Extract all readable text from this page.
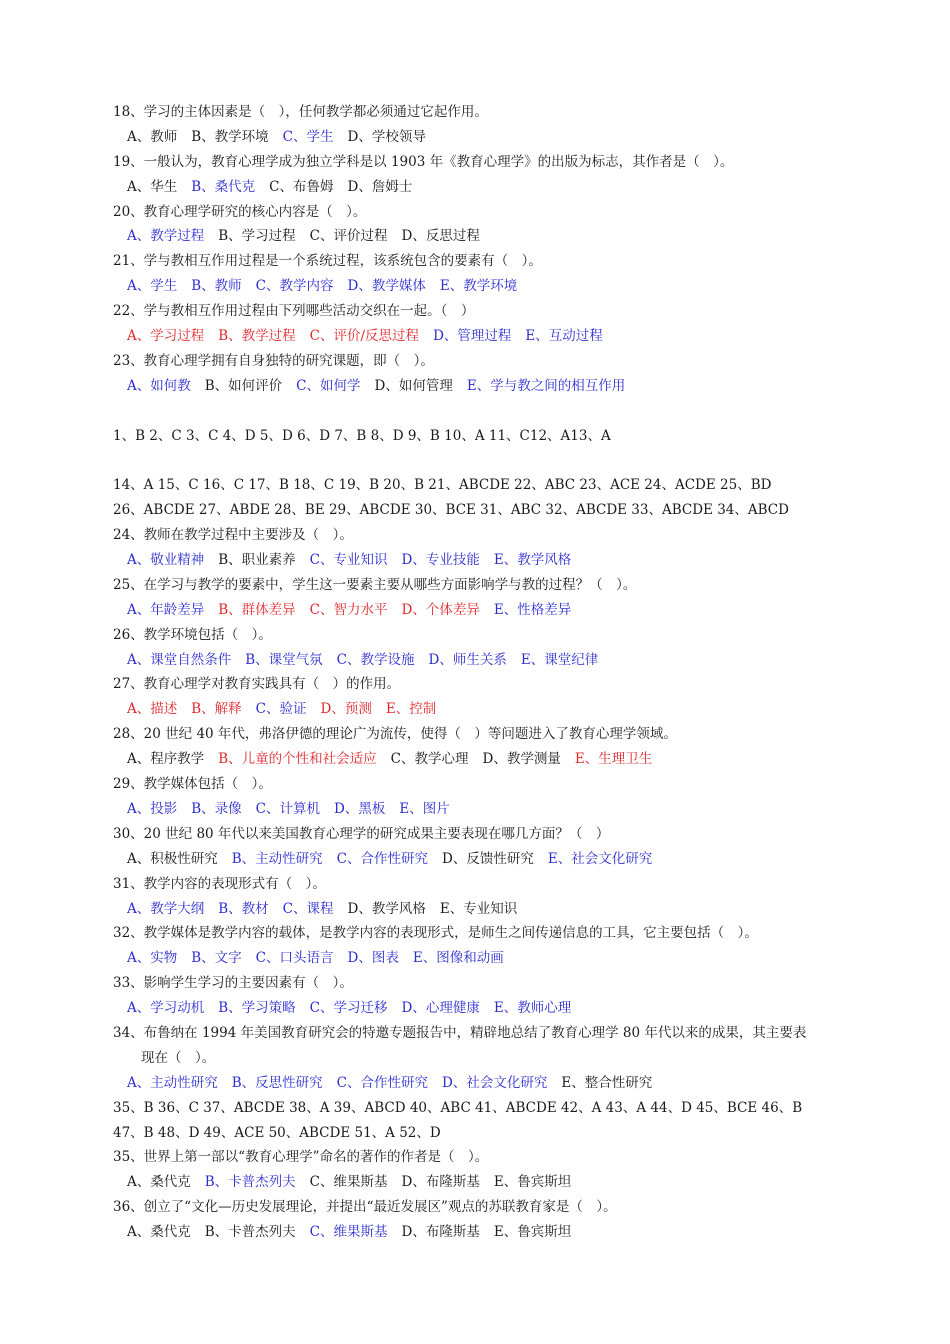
18、学习的主体因素是（　），任何教学都必须通过它起作用。
A、教师 B、教学环境 C、学生 D、学校领导
19、一般认为，教育心理学成为独立学科是以 1903 年《教育心理学》的出版为标志，其作者是（　）。
A、华生 B、桑代克 C、布鲁姆 D、詹姆士
20、教育心理学研究的核心内容是（　）。
A、教学过程 B、学习过程 C、评价过程 D、反思过程
21、学与教相互作用过程是一个系统过程，该系统包含的要素有（　）。
A、学生 B、教师 C、教学内容 D、教学媒体 E、教学环境
22、学与教相互作用过程由下列哪些活动交织在一起。（　）
A、学习过程 B、教学过程 C、评价/反思过程 D、管理过程 E、互动过程
23、教育心理学拥有自身独特的研究课题，即（　）。
A、如何教 B、如何评价 C、如何学 D、如何管理 E、学与教之间的相互作用
1、B 2、C 3、C 4、D 5、D 6、D 7、B 8、D 9、B 10、A 11、C12、A13、A
14、A 15、C 16、C 17、B 18、C 19、B 20、B 21、ABCDE 22、ABC 23、ACE 24、ACDE 25、BD
26、ABCDE 27、ABDE 28、BE 29、ABCDE 30、BCE 31、ABC 32、ABCDE 33、ABCDE 34、ABCD
24、教师在教学过程中主要涉及（　）。
A、敬业精神 B、职业素养 C、专业知识 D、专业技能 E、教学风格
25、在学习与教学的要素中，学生这一要素主要从哪些方面影响学与教的过程？（　）。
A、年龄差异 B、群体差异 C、智力水平 D、个体差异 E、性格差异
26、教学环境包括（　）。
A、课堂自然条件 B、课堂气氛 C、教学设施 D、师生关系 E、课堂纪律
27、教育心理学对教育实践具有（　）的作用。
A、描述 B、解释 C、验证 D、预测 E、控制
28、20 世纪 40 年代，弗洛伊德的理论广为流传，使得（　）等问题进入了教育心理学领域。
A、程序教学 B、儿童的个性和社会适应 C、教学心理 D、教学测量 E、生理卫生
29、教学媒体包括（　）。
A、投影 B、录像 C、计算机 D、黑板 E、图片
30、20 世纪 80 年代以来美国教育心理学的研究成果主要表现在哪几方面？（　）
A、积极性研究 B、主动性研究 C、合作性研究 D、反馈性研究 E、社会文化研究
31、教学内容的表现形式有（　）。
A、教学大纲 B、教材 C、课程 D、教学风格 E、专业知识
32、教学媒体是教学内容的载体，是教学内容的表现形式，是师生之间传递信息的工具，它主要包括（　）。
A、实物 B、文字 C、口头语言 D、图表 E、图像和动画
33、影响学生学习的主要因素有（　）。
A、学习动机 B、学习策略 C、学习迁移 D、心理健康 E、教师心理
34、布鲁纳在 1994 年美国教育研究会的特邀专题报告中，精辟地总结了教育心理学 80 年代以来的成果，其主要表
现在（　）。
A、主动性研究 B、反思性研究 C、合作性研究 D、社会文化研究 E、整合性研究
35、B 36、C 37、ABCDE 38、A 39、ABCD 40、ABC 41、ABCDE 42、A 43、A 44、D 45、BCE 46、B
47、B 48、D 49、ACE 50、ABCDE 51、A 52、D
35、世界上第一部以“教育心理学”命名的著作的作者是（　）。
A、桑代克 B、卡普杰列夫 C、维果斯基 D、布隆斯基 E、鲁宾斯坦
36、创立了“文化—历史发展理论，并提出“最近发展区”观点的苏联教育家是（　）。
A、桑代克 B、卡普杰列夫 C、维果斯基 D、布隆斯基 E、鲁宾斯坦
